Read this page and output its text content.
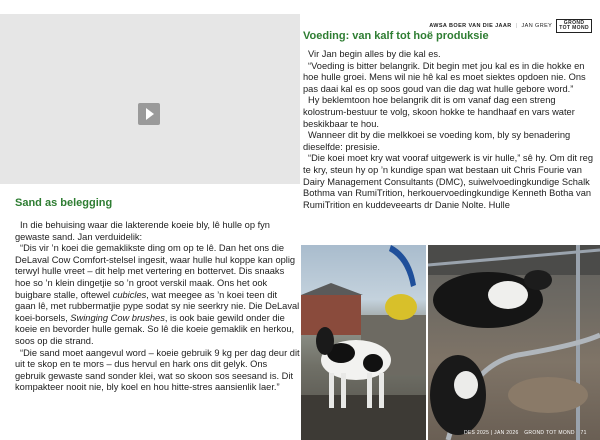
Sand as belegging

In die behuising waar die lakterende koeie bly, lê hulle op fyn gewaste sand. Jan verduidelik:

“Dis vir ’n koei die gemaklikste ding om op te lê. Dan het ons die DeLaval Cow Comfort-stelsel ingesit, waar hulle hul koppe kan oplig terwyl hulle vreet – dit help met vertering en bottervet. Dis snaaks hoe so ’n klein dingetjie so ’n groot verskil maak. Ons het ook buigbare stalle, oftewel cubicles, wat meegee as ’n koei teen dit gaan lê, met rubbermatjie pype sodat sy nie seerkry nie. Die DeLaval koei-borsels, Swinging Cow brushes, is ook baie gewild onder die koeie en bevorder hulle gemak. So lê die koeie gemaklik en herkou, soos op die strand.

“Die sand moet aangevul word – koeie gebruik 9 kg per dag deur dit uit te skop en te mors – dus hervul en hark ons dit gelyk. Ons gebruik gewaste sand sonder klei, wat so skoon sos seesand is. Dit kompakteer nooit nie, bly koel en hou hitte-stres aansienlik laer.”

AWSA BOER VAN DIE JAAR | JAN GREY	GROND
TOT MOND
Voeding: van kalf tot hoë produksie

Vir Jan begin alles by die kal es.

“Voeding is bitter belangrik. Dit begin met jou kal es in die hokke en hoe hulle groei. Mens wil nie hê kal es moet siektes opdoen nie. Ons pas daai kal es op soos goud van die dag wat hulle gebore word.”

Hy beklemtoon hoe belangrik dit is om vanaf dag een streng kolostrum-bestuur te volg, skoon hokke te handhaaf en vars water beskikbaar te hou.

Wanneer dit by die melkkoei se voeding kom, bly sy benadering dieselfde: presisie.

“Die koei moet kry wat vooraf uitgewerk is vir hulle,” sê hy. Om dit reg te kry, steun hy op ’n kundige span wat bestaan uit Chris Fourie van Dairy Management Consultants (DMC), suiwelvoedingkundige Schalk Bothma van RumiTrition, herkouervoedingkundige Kenneth Botha van RumiTrition en kuddeveearts dr Danie Nolte. Hulle

DES 2025 | JAN 2026 GROND TOT MOND 71
